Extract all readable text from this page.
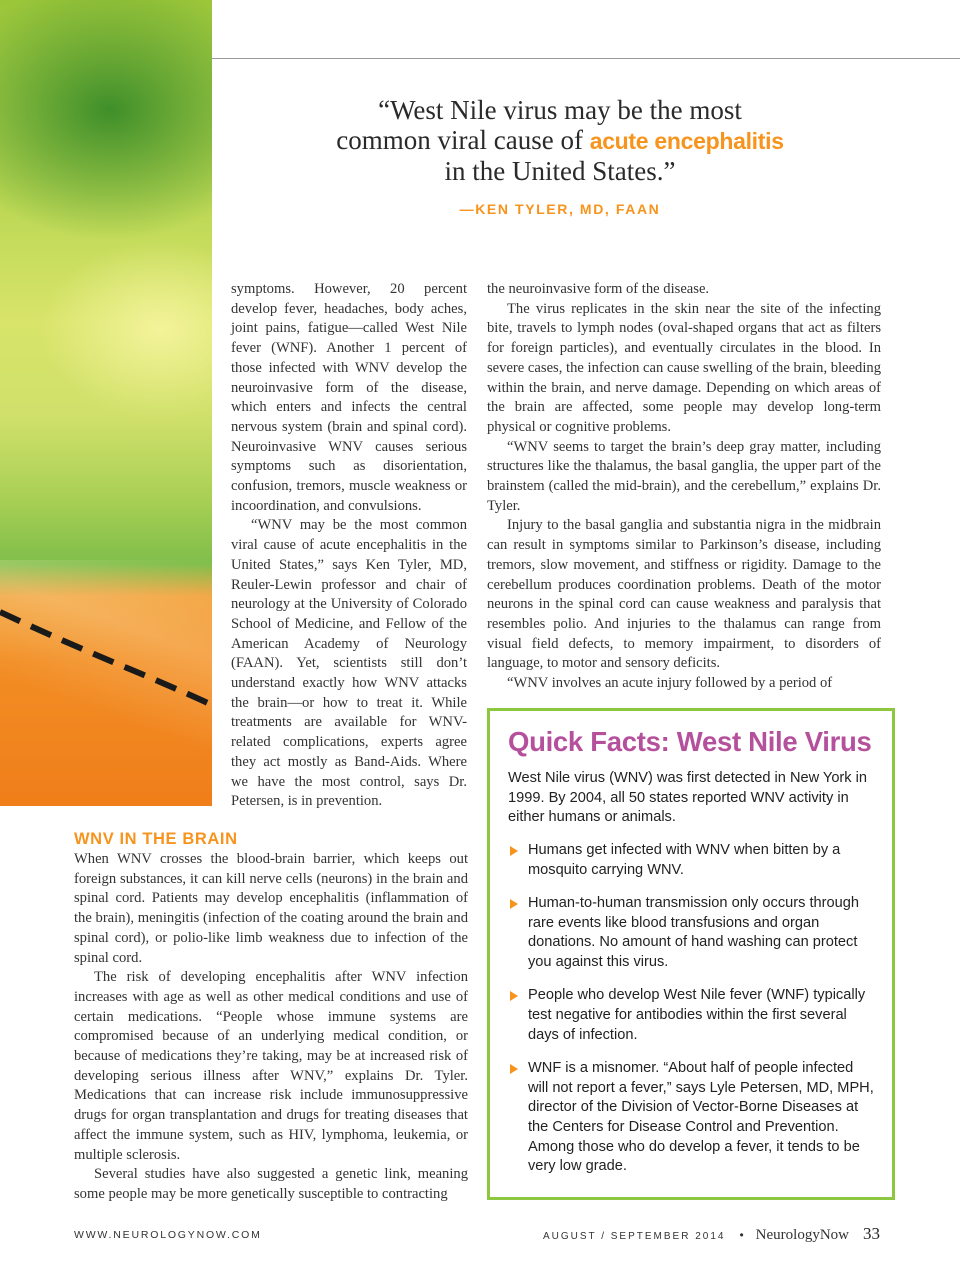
“West Nile virus may be the most
common viral cause of acute encephalitis
in the United States.”
—KEN TYLER, MD, FAAN

symptoms. However, 20 percent develop fever, headaches, body aches, joint pains, fatigue—called West Nile fever (WNF). Another 1 percent of those infected with WNV develop the neuroinvasive form of the disease, which enters and infects the central nervous system (brain and spinal cord). Neuroinvasive WNV causes serious symptoms such as disorientation, confusion, tremors, muscle weakness or incoordination, and convulsions.

“WNV may be the most common viral cause of acute encephalitis in the United States,” says Ken Tyler, MD, Reuler-Lewin professor and chair of neurology at the University of Colorado School of Medicine, and Fellow of the American Academy of Neurology (FAAN). Yet, scientists still don’t understand exactly how WNV attacks the brain—or how to treat it. While treatments are available for WNV-related complications, experts agree they act mostly as Band-Aids. Where we have the most control, says Dr. Petersen, is in prevention.

the neuroinvasive form of the disease.

The virus replicates in the skin near the site of the infecting bite, travels to lymph nodes (oval-shaped organs that act as filters for foreign particles), and eventually circulates in the blood. In severe cases, the infection can cause swelling of the brain, bleeding within the brain, and nerve damage. Depending on which areas of the brain are affected, some people may develop long-term physical or cognitive problems.

“WNV seems to target the brain’s deep gray matter, including structures like the thalamus, the basal ganglia, the upper part of the brainstem (called the mid-brain), and the cerebellum,” explains Dr. Tyler.

Injury to the basal ganglia and substantia nigra in the midbrain can result in symptoms similar to Parkinson’s disease, including tremors, slow movement, and stiffness or rigidity. Damage to the cerebellum produces coordination problems. Death of the motor neurons in the spinal cord can cause weakness and paralysis that resembles polio. And injuries to the thalamus can range from visual field defects, to memory impairment, to disorders of language, to motor and sensory deficits.

“WNV involves an acute injury followed by a period of

WNV IN THE BRAIN

When WNV crosses the blood-brain barrier, which keeps out foreign substances, it can kill nerve cells (neurons) in the brain and spinal cord. Patients may develop encephalitis (inflammation of the brain), meningitis (infection of the coating around the brain and spinal cord), or polio-like limb weakness due to infection of the spinal cord.

The risk of developing encephalitis after WNV infection increases with age as well as other medical conditions and use of certain medications. “People whose immune systems are compromised because of an underlying medical condition, or because of medications they’re taking, may be at increased risk of developing serious illness after WNV,” explains Dr. Tyler. Medications that can increase risk include immunosuppressive drugs for organ transplantation and drugs for treating diseases that affect the immune system, such as HIV, lymphoma, leukemia, or multiple sclerosis.

Several studies have also suggested a genetic link, meaning some people may be more genetically susceptible to contracting

Quick Facts: West Nile Virus

West Nile virus (WNV) was first detected in New York in 1999. By 2004, all 50 states reported WNV activity in either humans or animals.

Humans get infected with WNV when bitten by a mosquito carrying WNV.
Human-to-human transmission only occurs through rare events like blood transfusions and organ donations. No amount of hand washing can protect you against this virus.
People who develop West Nile fever (WNF) typically test negative for antibodies within the first several days of infection.
WNF is a misnomer. “About half of people infected will not report a fever,” says Lyle Petersen, MD, MPH, director of the Division of Vector-Borne Diseases at the Centers for Disease Control and Prevention. Among those who do develop a fever, it tends to be very low grade.
WWW.NEUROLOGYNOW.COM	AUGUST / SEPTEMBER 2014 • NeurologyNow 33
